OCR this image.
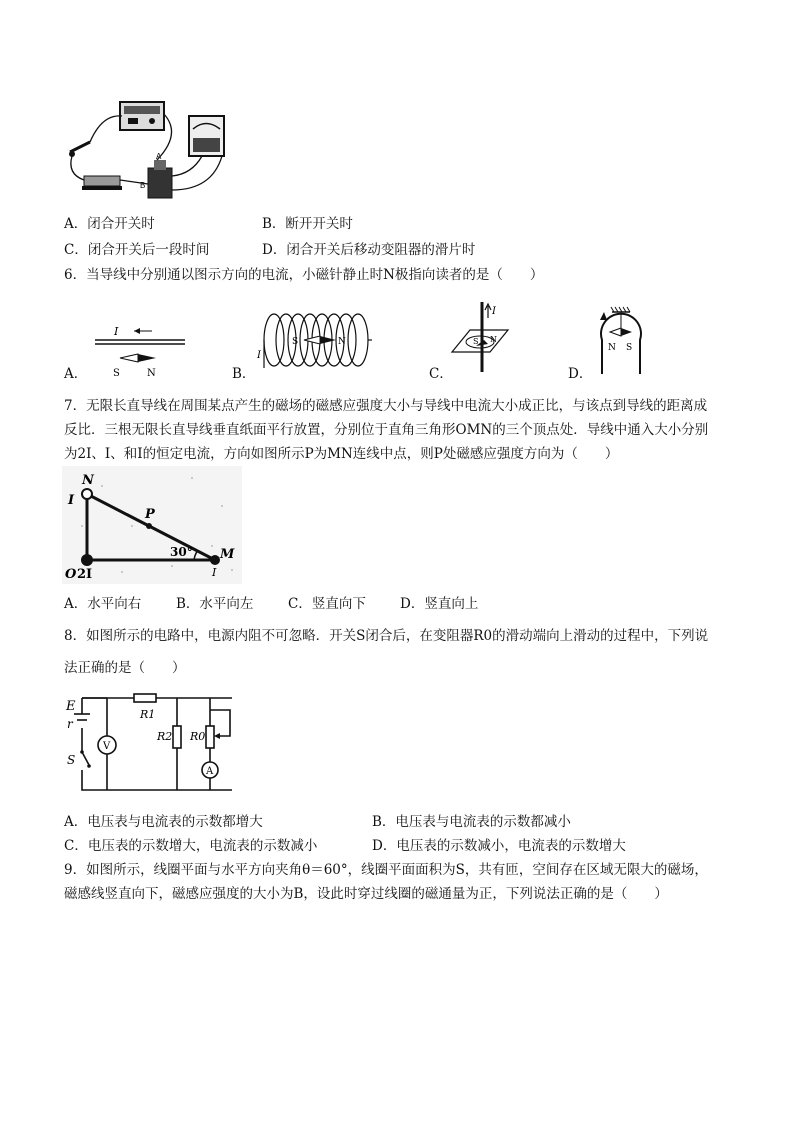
A
B
A．闭合开关时	B．断开开关时
C．闭合开关后一段时间	D．闭合开关后移动变阻器的滑片时
6．当导线中分别通以图示方向的电流，小磁针静止时N极指向读者的是（　　）
I
S	N
A．
I
S	N
B．
I
S N
C．
N S
D．
7．无限长直导线在周围某点产生的磁场的磁感应强度大小与导线中电流大小成正比，与该点到导线的距离成
反比．三根无限长直导线垂直纸面平行放置，分别位于直角三角形OMN的三个顶点处．导线中通入大小分别
为2I、I、和I的恒定电流，方向如图所示P为MN连线中点，则P处磁感应强度方向为（　　）
N
I
P
30° M
O 2I	I
A．水平向右	B．水平向左	C．竖直向下	D．竖直向上
8．如图所示的电路中，电源内阻不可忽略．开关S闭合后，在变阻器R0的滑动端向上滑动的过程中，下列说
法正确的是（　　）
E
r
S
V
R1
R2 R0
A
A．电压表与电流表的示数都增大	B．电压表与电流表的示数都减小
C．电压表的示数增大，电流表的示数减小	D．电压表的示数减小，电流表的示数增大
9．如图所示，线圈平面与水平方向夹角θ＝60°，线圈平面面积为S，共有匝，空间存在区域无限大的磁场，
磁感线竖直向下，磁感应强度的大小为B，设此时穿过线圈的磁通量为正，下列说法正确的是（　　）
